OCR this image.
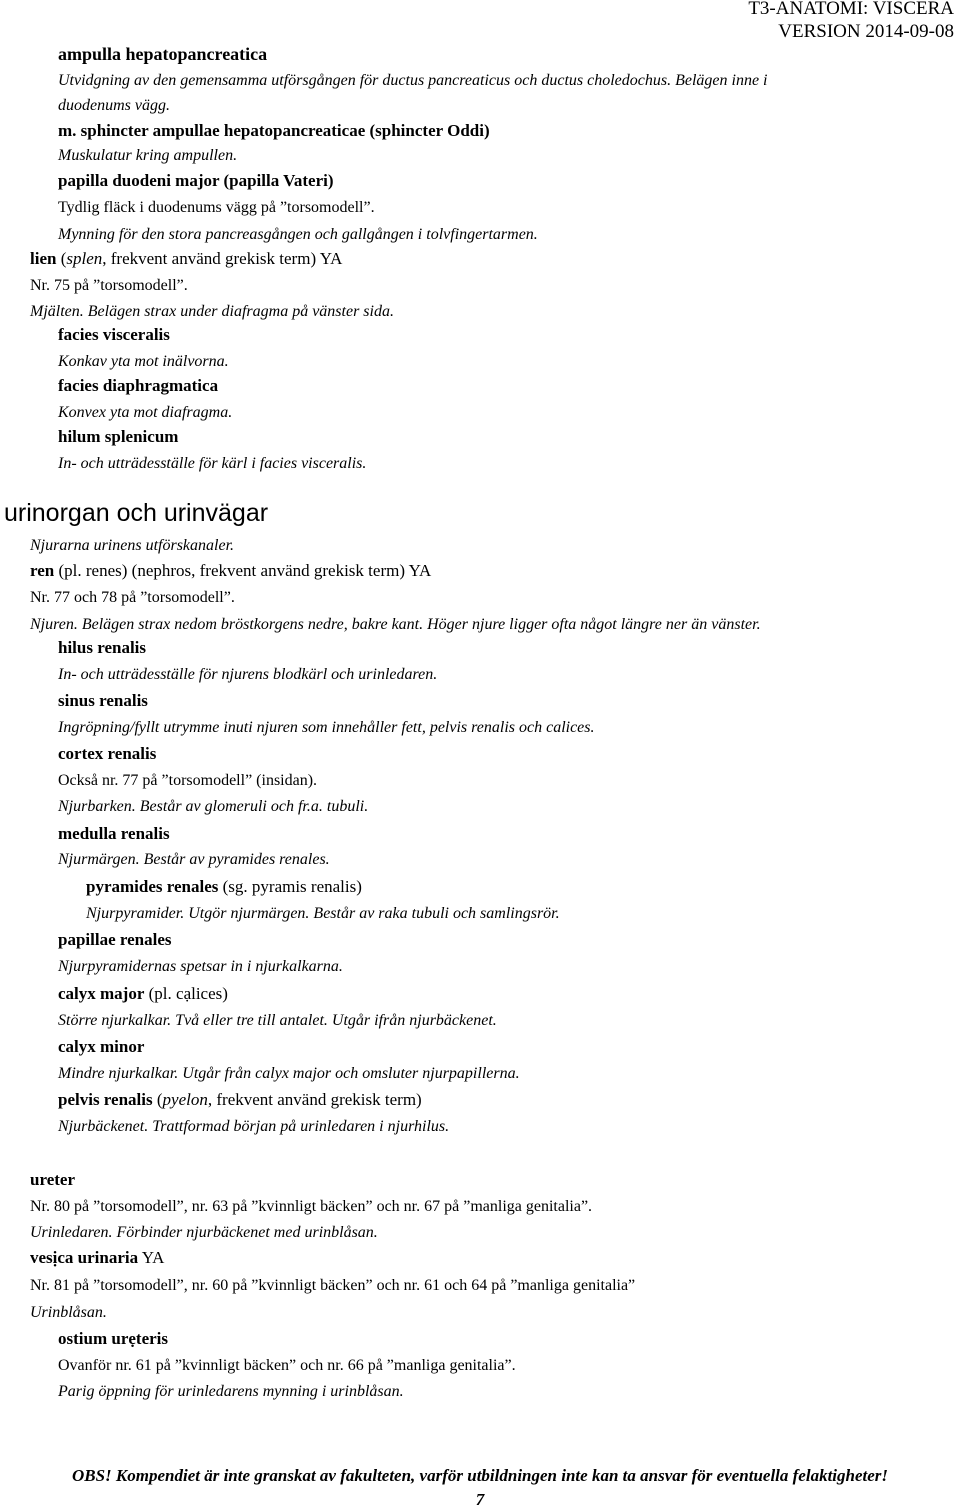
T3-ANATOMI: VISCERA
VERSION 2014-09-08
ampulla hepatopancreatica
Utvidgning av den gemensamma utförsgången för ductus pancreaticus och ductus choledochus. Belägen inne i
duodenums vägg.
m. sphincter ampullae hepatopancreaticae (sphincter Oddi)
Muskulatur kring ampullen.
papilla duodeni major (papilla Vateri)
Tydlig fläck i duodenums vägg på ”torsomodell”.
Mynning för den stora pancreasgången och gallgången i tolvfingertarmen.
lien (splen, frekvent använd grekisk term) YA
Nr. 75 på ”torsomodell”.
Mjälten. Belägen strax under diafragma på vänster sida.
facies visceralis
Konkav yta mot inälvorna.
facies diaphragmatica
Konvex yta mot diafragma.
hilum splenicum
In- och utträdesställe för kärl i facies visceralis.
urinorgan och urinvägar
Njurarna urinens utförskanaler.
ren (pl. renes) (nephros, frekvent använd grekisk term) YA
Nr. 77 och 78 på ”torsomodell”.
Njuren. Belägen strax nedom bröstkorgens nedre, bakre kant. Höger njure ligger ofta något längre ner än vänster.
hilus renalis
In- och utträdesställe för njurens blodkärl och urinledaren.
sinus renalis
Ingröpning/fyllt utrymme inuti njuren som innehåller fett, pelvis renalis och calices.
cortex renalis
Också nr. 77 på ”torsomodell” (insidan).
Njurbarken. Består av glomeruli och fr.a. tubuli.
medulla renalis
Njurmärgen. Består av pyramides renales.
pyramides renales (sg. pyramis renalis)
Njurpyramider. Utgör njurmärgen. Består av raka tubuli och samlingsrör.
papillae renales
Njurpyramidernas spetsar in i njurkalkarna.
calyx major (pl. cạlices)
Större njurkalkar. Två eller tre till antalet. Utgår ifrån njurbäckenet.
calyx minor
Mindre njurkalkar. Utgår från calyx major och omsluter njurpapillerna.
pelvis renalis (pyelon, frekvent använd grekisk term)
Njurbäckenet. Trattformad början på urinledaren i njurhilus.
ureter
Nr. 80 på ”torsomodell”, nr. 63 på ”kvinnligt bäcken” och nr. 67 på ”manliga genitalia”.
Urinledaren. Förbinder njurbäckenet med urinblåsan.
vesịca urinaria YA
Nr. 81 på ”torsomodell”, nr. 60 på ”kvinnligt bäcken” och nr. 61 och 64 på ”manliga genitalia”
Urinblåsan.
ostium urẹteris
Ovanför nr. 61 på ”kvinnligt bäcken” och nr. 66 på ”manliga genitalia”.
Parig öppning för urinledarens mynning i urinblåsan.
OBS! Kompendiet är inte granskat av fakulteten, varför utbildningen inte kan ta ansvar för eventuella felaktigheter!
7
